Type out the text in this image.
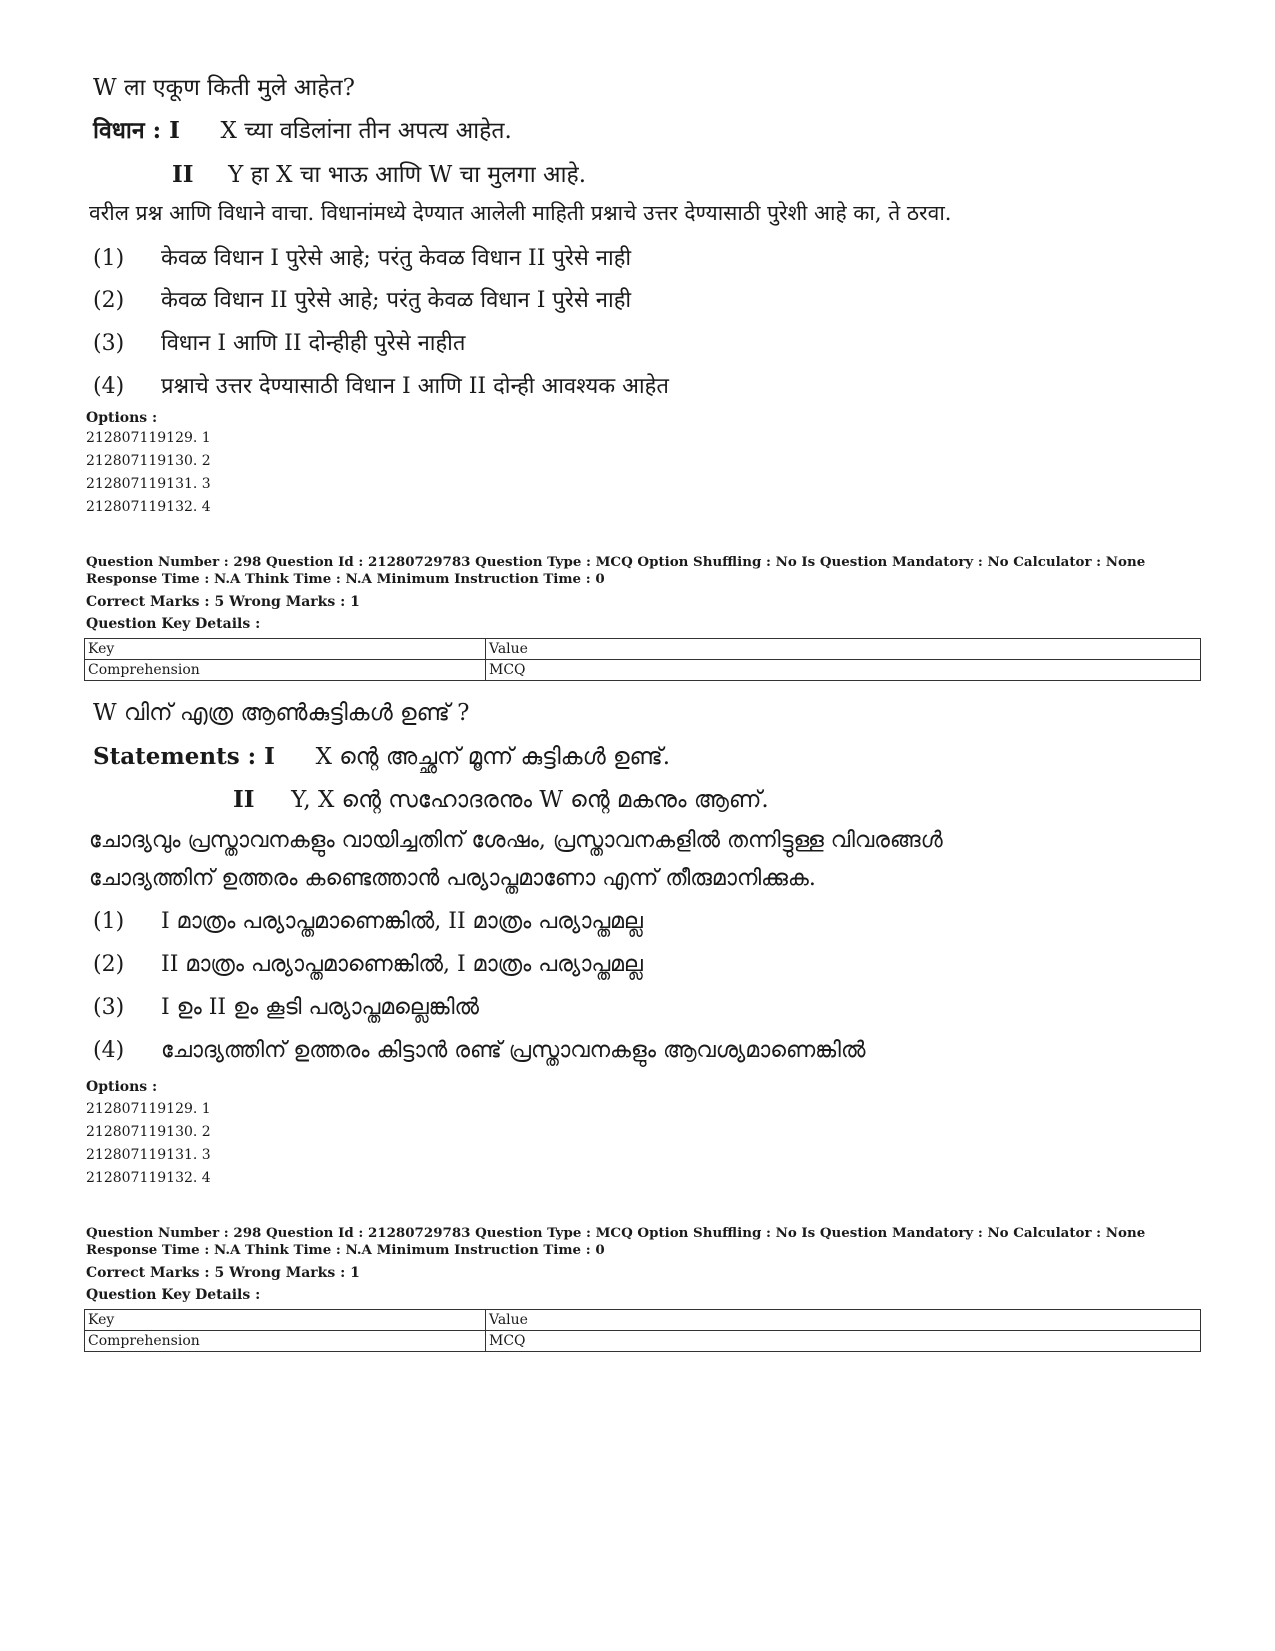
W ला एकूण किती मुले आहेत?
विधान : I X च्या वडिलांना तीन अपत्य आहेत.
II Y हा X चा भाऊ आणि W चा मुलगा आहे.
वरील प्रश्न आणि विधाने वाचा. विधानांमध्ये देण्यात आलेली माहिती प्रश्नाचे उत्तर देण्यासाठी पुरेशी आहे का, ते ठरवा.
(1) केवळ विधान I पुरेसे आहे; परंतु केवळ विधान II पुरेसे नाही
(2) केवळ विधान II पुरेसे आहे; परंतु केवळ विधान I पुरेसे नाही
(3) विधान I आणि II दोन्हीही पुरेसे नाहीत
(4) प्रश्नाचे उत्तर देण्यासाठी विधान I आणि II दोन्ही आवश्यक आहेत
Options :
212807119129. 1
212807119130. 2
212807119131. 3
212807119132. 4
Question Number : 298 Question Id : 21280729783 Question Type : MCQ Option Shuffling : No Is Question Mandatory : No Calculator : None
Response Time : N.A Think Time : N.A Minimum Instruction Time : 0
Correct Marks : 5 Wrong Marks : 1
Question Key Details :
Key	Value
Comprehension	MCQ
W വിന് എത്ര ആൺകുട്ടികൾ ഉണ്ട് ?
Statements : I X ന്റെ അച്ഛന് മൂന്ന് കുട്ടികൾ ഉണ്ട്.
II Y, X ന്റെ സഹോദരനും W ന്റെ മകനും ആണ്.
ചോദ്യവും പ്രസ്താവനകളും വായിച്ചതിന് ശേഷം, പ്രസ്താവനകളിൽ തന്നിട്ടുള്ള വിവരങ്ങൾ
ചോദ്യത്തിന് ഉത്തരം കണ്ടെത്താൻ പര്യാപ്തമാണോ എന്ന് തീരുമാനിക്കുക.
(1) I മാത്രം പര്യാപ്തമാണെങ്കിൽ, II മാത്രം പര്യാപ്തമല്ല
(2) II മാത്രം പര്യാപ്തമാണെങ്കിൽ, I മാത്രം പര്യാപ്തമല്ല
(3) I ഉം II ഉം കൂടി പര്യാപ്തമല്ലെങ്കിൽ
(4) ചോദ്യത്തിന് ഉത്തരം കിട്ടാൻ രണ്ട് പ്രസ്താവനകളും ആവശ്യമാണെങ്കിൽ
Options :
212807119129. 1
212807119130. 2
212807119131. 3
212807119132. 4
Question Number : 298 Question Id : 21280729783 Question Type : MCQ Option Shuffling : No Is Question Mandatory : No Calculator : None
Response Time : N.A Think Time : N.A Minimum Instruction Time : 0
Correct Marks : 5 Wrong Marks : 1
Question Key Details :
Key	Value
Comprehension	MCQ
